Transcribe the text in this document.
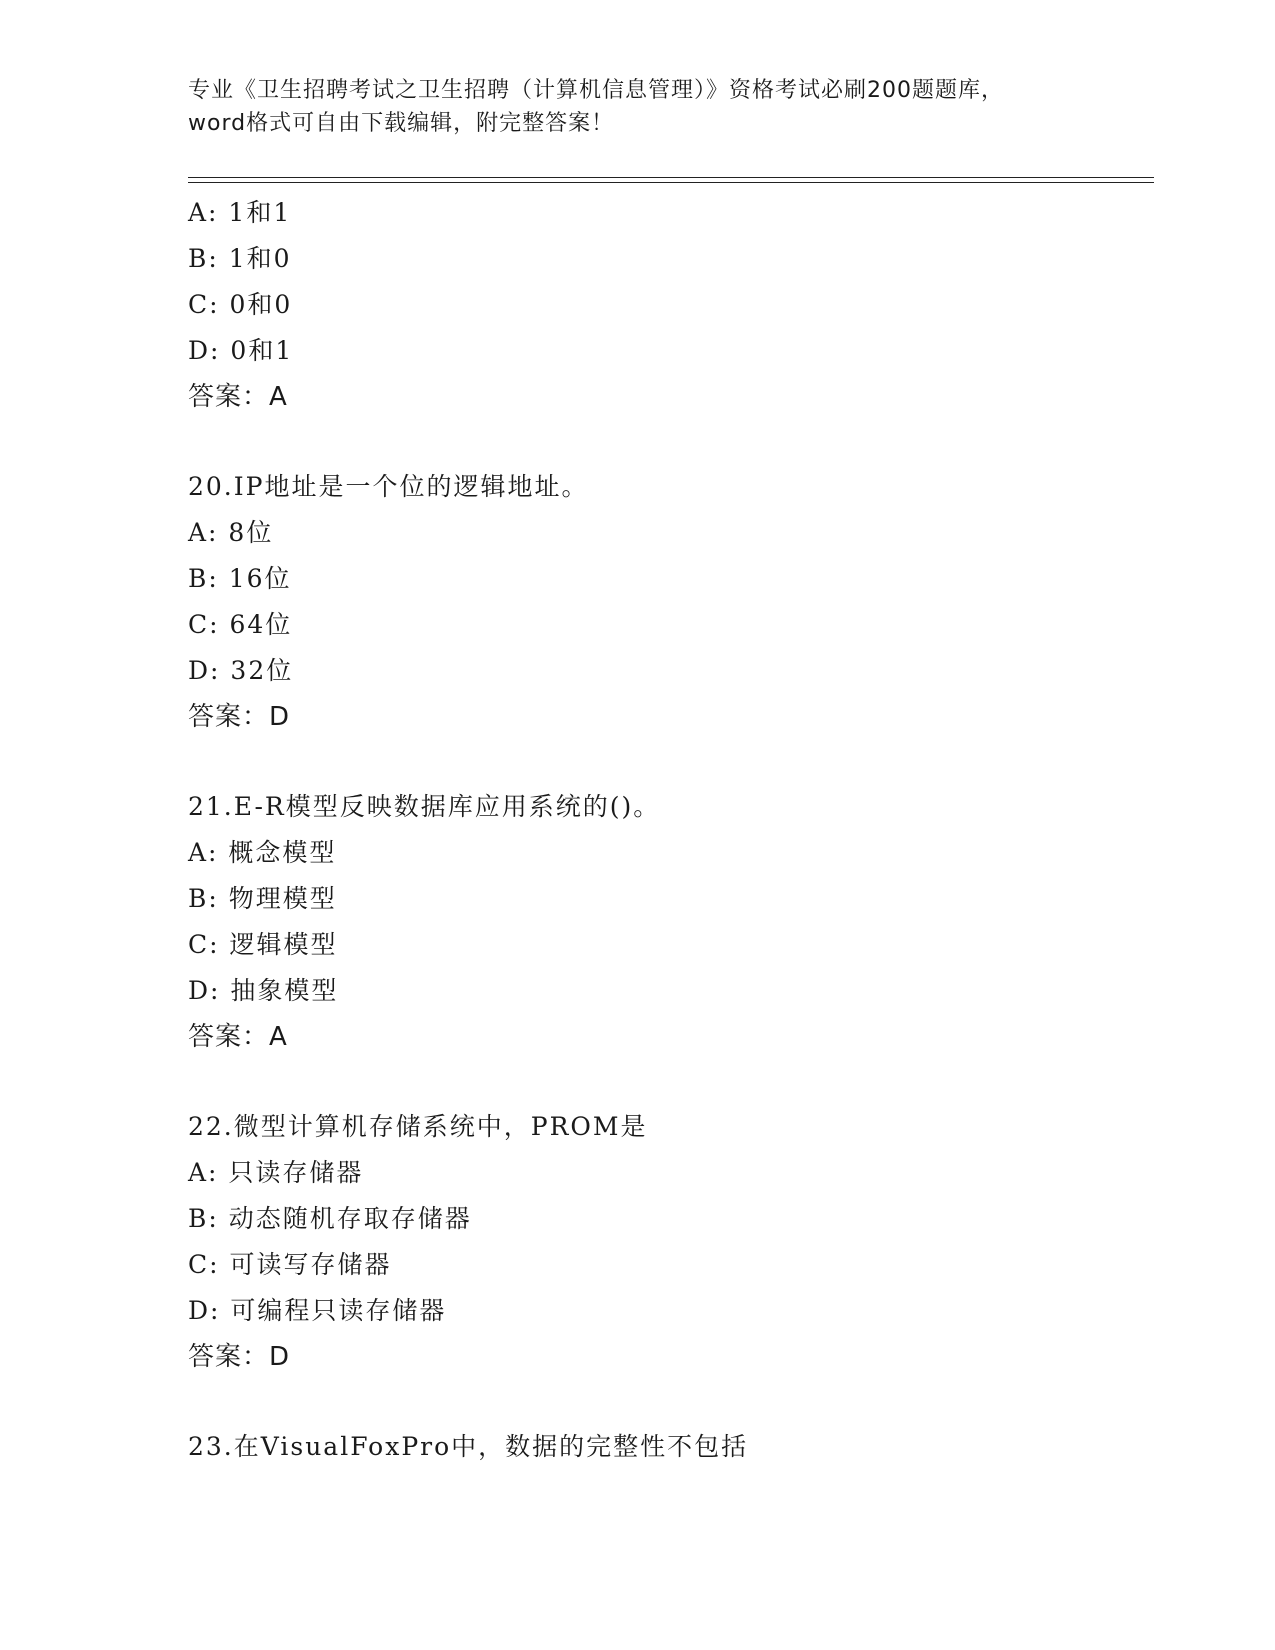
专业《卫生招聘考试之卫生招聘（计算机信息管理）》资格考试必刷200题题库，
word格式可自由下载编辑，附完整答案！
A: 1和1
B: 1和0
C: 0和0
D: 0和1
答案：A
20.IP地址是一个位的逻辑地址。
A: 8位
B: 16位
C: 64位
D: 32位
答案：D
21.E-R模型反映数据库应用系统的()。
A: 概念模型
B: 物理模型
C: 逻辑模型
D: 抽象模型
答案：A
22.微型计算机存储系统中，PROM是
A: 只读存储器
B: 动态随机存取存储器
C: 可读写存储器
D: 可编程只读存储器
答案：D
23.在VisualFoxPro中，数据的完整性不包括
